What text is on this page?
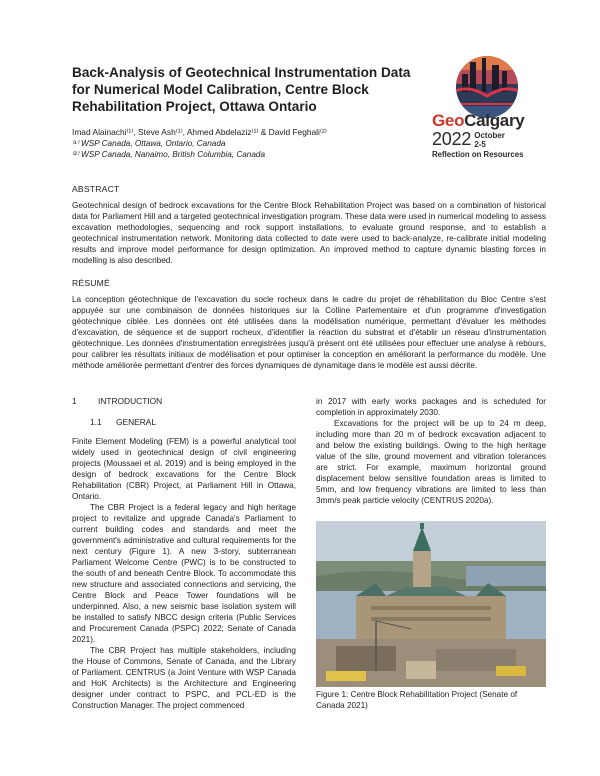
Back-Analysis of Geotechnical Instrumentation Data for Numerical Model Calibration, Centre Block Rehabilitation Project, Ottawa Ontario
Imad Alainachi⁽¹⁾, Steve Ash⁽¹⁾, Ahmed Abdelaziz⁽¹⁾ & David Feghali⁽²⁾
⁽¹⁾ WSP Canada, Ottawa, Ontario, Canada
⁽²⁾ WSP Canada, Nanaimo, British Columbia, Canada
GeoCalgary
2022 October
2-5
Reflection on Resources
ABSTRACT
Geotechnical design of bedrock excavations for the Centre Block Rehabilitation Project was based on a combination of historical data for Parliament Hill and a targeted geotechnical investigation program. These data were used in numerical modeling to assess excavation methodologies, sequencing and rock support installations, to evaluate ground response, and to establish a geotechnical instrumentation network. Monitoring data collected to date were used to back-analyze, re-calibrate initial modeling results and improve model performance for design optimization. An improved method to capture dynamic blasting forces in modelling is also described.
RÉSUMÉ
La conception géotechnique de l'excavation du socle rocheux dans le cadre du projet de réhabilitation du Bloc Centre s'est appuyée sur une combinaison de données historiques sur la Colline Parlementaire et d'un programme d'investigation géotechnique ciblée. Les données ont été utilisées dans la modélisation numérique, permettant d'évaluer les méthodes d'excavation, de séquence et de support rocheux, d'identifier la réaction du substrat et d'établir un réseau d'instrumentation géotechnique. Les données d'instrumentation enregistrées jusqu'à présent ont été utilisées pour effectuer une analyse à rebours, pour calibrer les résultats initiaux de modélisation et pour optimiser la conception en améliorant la performance du modèle. Une méthode améliorée permettant d'entrer des forces dynamiques de dynamitage dans le modèle est aussi décrite.
1	INTRODUCTION
1.1 GENERAL

Finite Element Modeling (FEM) is a powerful analytical tool widely used in geotechnical design of civil engineering projects (Moussaei et al. 2019) and is being employed in the design of bedrock excavations for the Centre Block Rehabilitation (CBR) Project, at Parliament Hill in Ottawa, Ontario.

The CBR Project is a federal legacy and high heritage project to revitalize and upgrade Canada's Parliament to current building codes and standards and meet the government's administrative and cultural requirements for the next century (Figure 1). A new 3-story, subterranean Parliament Welcome Centre (PWC) is to be constructed to the south of and beneath Centre Block. To accommodate this new structure and associated connections and servicing, the Centre Block and Peace Tower foundations will be underpinned. Also, a new seismic base isolation system will be installed to satisfy NBCC design criteria (Public Services and Procurement Canada (PSPC) 2022; Senate of Canada 2021).

The CBR Project has multiple stakeholders, including the House of Commons, Senate of Canada, and the Library of Parliament. CENTRUS (a Joint Venture with WSP Canada and HoK Architects) is the Architecture and Engineering designer under contract to PSPC, and PCL-ED is the Construction Manager. The project commenced

in 2017 with early works packages and is scheduled for completion in approximately 2030.

Excavations for the project will be up to 24 m deep, including more than 20 m of bedrock excavation adjacent to and below the existing buildings. Owing to the high heritage value of the site, ground movement and vibration tolerances are strict. For example, maximum horizontal ground displacement below sensitive foundation areas is limited to 5mm, and low frequency vibrations are limited to less than 3mm/s peak particle velocity (CENTRUS 2020a).

Figure 1: Centre Block Rehabilitation Project (Senate of Canada 2021)
